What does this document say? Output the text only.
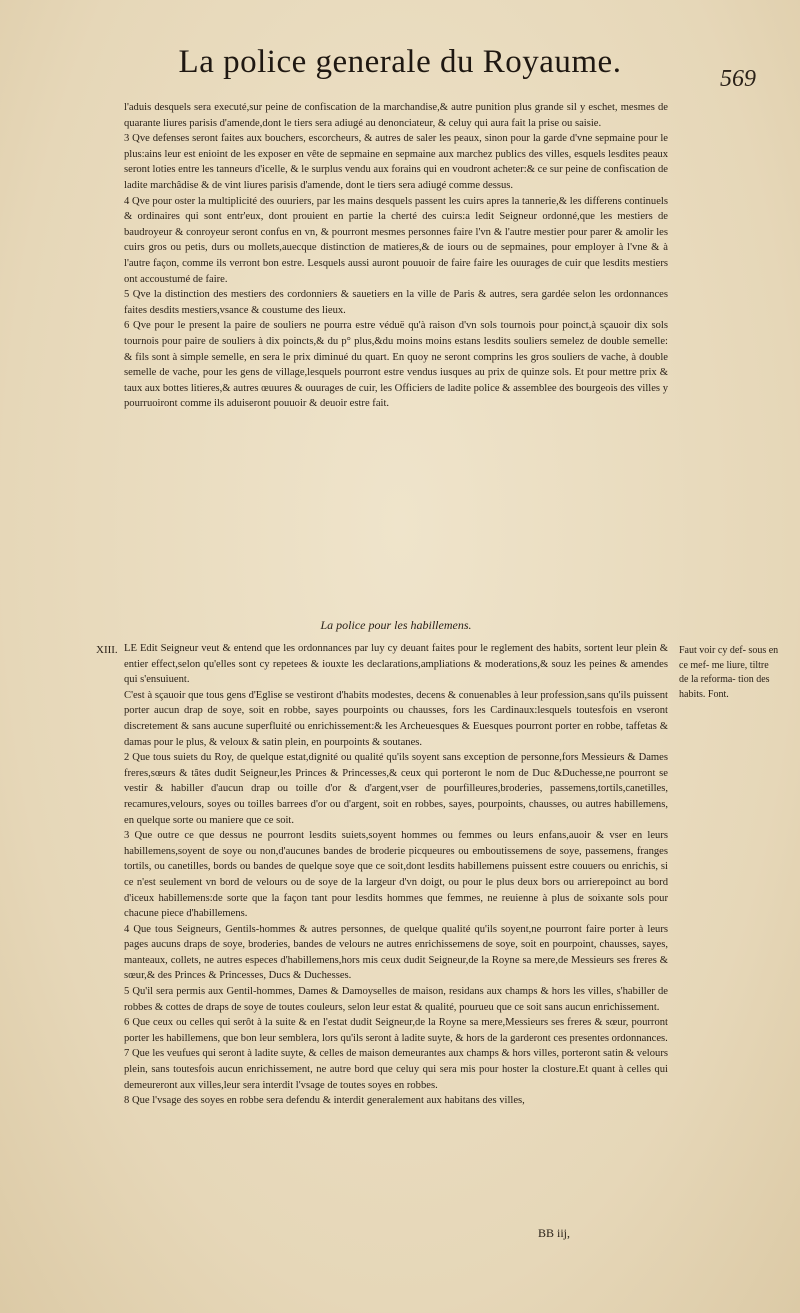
La police generale du Royaume.	569

l'aduis desquels sera executé,sur peine de confiscation de la marchandise,& autre punition plus grande sil y eschet, mesmes de quarante liures parisis d'amende,dont le tiers sera adiugé au denonciateur, & celuy qui aura fait la prise ou saisie.

3 Qve defenses seront faites aux bouchers, escorcheurs, & autres de saler les peaux, sinon pour la garde d'vne sepmaine pour le plus:ains leur est enioint de les exposer en vête de sepmaine en sepmaine aux marchez publics des villes, esquels lesdites peaux seront loties entre les tanneurs d'icelle, & le surplus vendu aux forains qui en voudront acheter:& ce sur peine de confiscation de ladite marchâdise & de vint liures parisis d'amende, dont le tiers sera adiugé comme dessus.

4 Qve pour oster la multiplicité des ouuriers, par les mains desquels passent les cuirs apres la tannerie,& les differens continuels & ordinaires qui sont entr'eux, dont prouient en partie la cherté des cuirs:a ledit Seigneur ordonné,que les mestiers de baudroyeur & conroyeur seront confus en vn, & pourront mesmes personnes faire l'vn & l'autre mestier pour parer & amolir les cuirs gros ou petis, durs ou mollets,auecque distinction de matieres,& de iours ou de sepmaines, pour employer à l'vne & à l'autre façon, comme ils verront bon estre. Lesquels aussi auront pouuoir de faire faire les ouurages de cuir que lesdits mestiers ont accoustumé de faire.

5 Qve la distinction des mestiers des cordonniers & sauetiers en la ville de Paris & autres, sera gardée selon les ordonnances faites desdits mestiers,vsance & coustume des lieux.

6 Qve pour le present la paire de souliers ne pourra estre véduë qu'à raison d'vn sols tournois pour poinct,à sçauoir dix sols tournois pour paire de souliers à dix poincts,& du p° plus,&du moins moins estans lesdits souliers semelez de double semelle: & fils sont à simple semelle, en sera le prix diminué du quart. En quoy ne seront comprins les gros souliers de vache, à double semelle de vache, pour les gens de village,lesquels pourront estre vendus iusques au prix de quinze sols. Et pour mettre prix & taux aux bottes litieres,& autres œuures & ouurages de cuir, les Officiers de ladite police & assemblee des bourgeois des villes y pourruoiront comme ils aduiseront pouuoir & deuoir estre fait.

La police pour les habillemens.
XIII. LE Edit Seigneur veut & entend que les ordonnances par luy cy deuant faites pour le reglement des habits, sortent leur plein & entier effect,selon qu'elles sont cy repetees & iouxte les declarations,ampliations & moderations,& souz les peines & amendes qui s'ensuiuent.

C'est à sçauoir que tous gens d'Eglise se vestiront d'habits modestes, decens & conuenables à leur profession,sans qu'ils puissent porter aucun drap de soye, soit en robbe, sayes pourpoints ou chausses, fors les Cardinaux:lesquels toutesfois en vseront discretement & sans aucune superfluité ou enrichissement:& les Archeuesques & Euesques pourront porter en robbe, taffetas & damas pour le plus, & veloux & satin plein, en pourpoints & soutanes.

2 Que tous suiets du Roy, de quelque estat,dignité ou qualité qu'ils soyent sans exception de personne,fors Messieurs & Dames freres,sœurs & tâtes dudit Seigneur,les Princes & Princesses,& ceux qui porteront le nom de Duc &Duchesse,ne pourront se vestir & habiller d'aucun drap ou toille d'or & d'argent,vser de pourfilleures,broderies, passemens,tortils,canetilles, recamures,velours, soyes ou toilles barrees d'or ou d'argent, soit en robbes, sayes, pourpoints, chausses, ou autres habillemens, en quelque sorte ou maniere que ce soit.

3 Que outre ce que dessus ne pourront lesdits suiets,soyent hommes ou femmes ou leurs enfans,auoir & vser en leurs habillemens,soyent de soye ou non,d'aucunes bandes de broderie picqueures ou emboutissemens de soye, passemens, franges tortils, ou canetilles, bords ou bandes de quelque soye que ce soit,dont lesdits habillemens puissent estre couuers ou enrichis, si ce n'est seulement vn bord de velours ou de soye de la largeur d'vn doigt, ou pour le plus deux bors ou arrierepoinct au bord d'iceux habillemens:de sorte que la façon tant pour lesdits hommes que femmes, ne reuienne à plus de soixante sols pour chacune piece d'habillemens.

4 Que tous Seigneurs, Gentils-hommes & autres personnes, de quelque qualité qu'ils soyent,ne pourront faire porter à leurs pages aucuns draps de soye, broderies, bandes de velours ne autres enrichissemens de soye, soit en pourpoint, chausses, sayes, manteaux, collets, ne autres especes d'habillemens,hors mis ceux dudit Seigneur,de la Royne sa mere,de Messieurs ses freres & sœur,& des Princes & Princesses, Ducs & Duchesses.

5 Qu'il sera permis aux Gentil-hommes, Dames & Damoyselles de maison, residans aux champs & hors les villes, s'habiller de robbes & cottes de draps de soye de toutes couleurs, selon leur estat & qualité, pourueu que ce soit sans aucun enrichissement.

6 Que ceux ou celles qui serôt à la suite & en l'estat dudit Seigneur,de la Royne sa mere,Messieurs ses freres & sœur, pourront porter les habillemens, que bon leur semblera, lors qu'ils seront à ladite suyte, & hors de la garderont ces presentes ordonnances.

7 Que les veufues qui seront à ladite suyte, & celles de maison demeurantes aux champs & hors villes, porteront satin & velours plein, sans toutesfois aucun enrichissement, ne autre bord que celuy qui sera mis pour hoster la closture.Et quant à celles qui demeureront aux villes,leur sera interdit l'vsage de toutes soyes en robbes.

8 Que l'vsage des soyes en robbe sera defendu & interdit generalement aux habitans des villes,

Faut voir cy def- sous en ce mef- me liure, tiltre de la reforma- tion des habits. Font.
BB iij,
